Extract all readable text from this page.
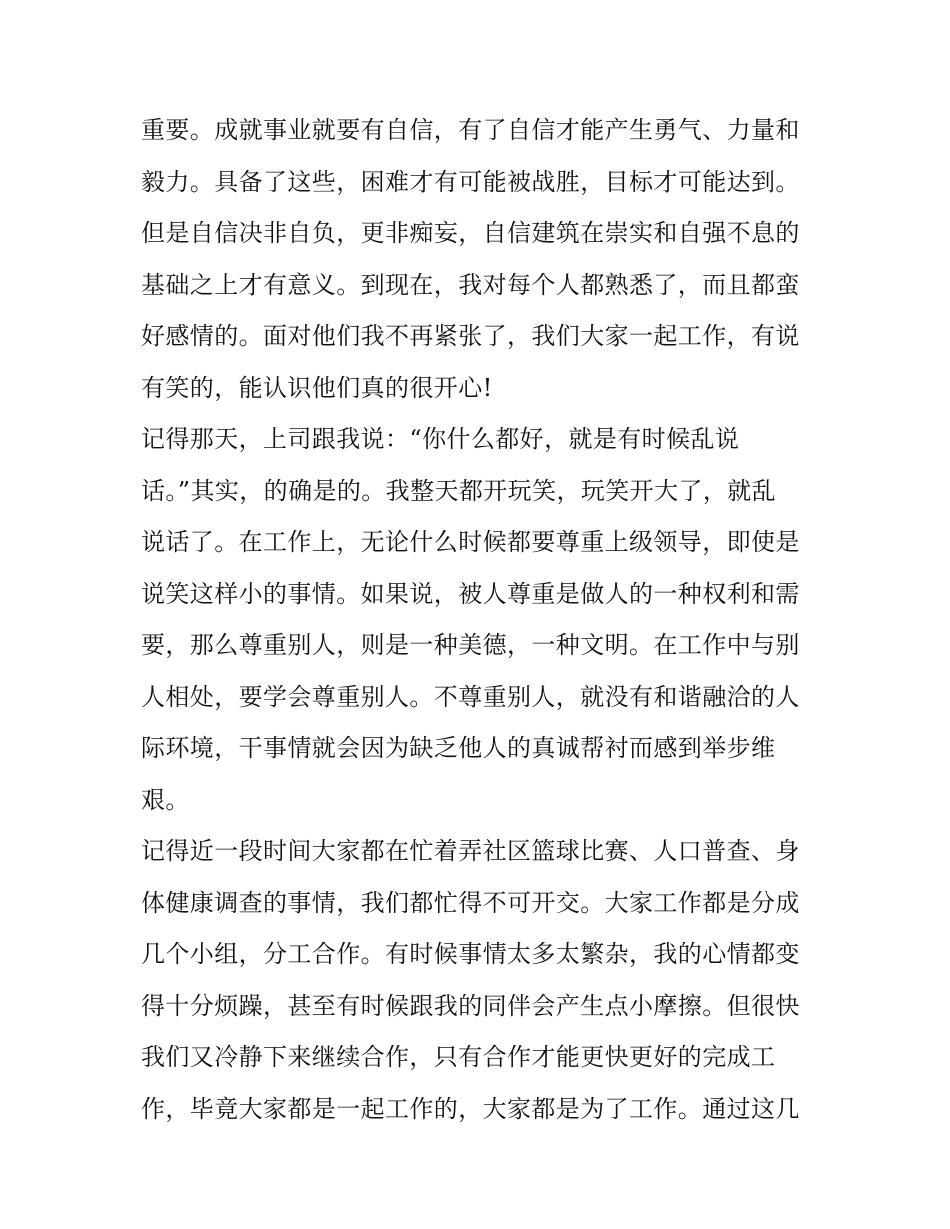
重要。成就事业就要有自信，有了自信才能产生勇气、力量和
毅力。具备了这些，困难才有可能被战胜，目标才可能达到。
但是自信决非自负，更非痴妄，自信建筑在崇实和自强不息的
基础之上才有意义。到现在，我对每个人都熟悉了，而且都蛮
好感情的。面对他们我不再紧张了，我们大家一起工作，有说
有笑的，能认识他们真的很开心!
记得那天，上司跟我说：“你什么都好，就是有时候乱说
话。”其实，的确是的。我整天都开玩笑，玩笑开大了，就乱
说话了。在工作上，无论什么时候都要尊重上级领导，即使是
说笑这样小的事情。如果说，被人尊重是做人的一种权利和需
要，那么尊重别人，则是一种美德，一种文明。在工作中与别
人相处，要学会尊重别人。不尊重别人，就没有和谐融洽的人
际环境，干事情就会因为缺乏他人的真诚帮衬而感到举步维
艰。
记得近一段时间大家都在忙着弄社区篮球比赛、人口普查、身
体健康调查的事情，我们都忙得不可开交。大家工作都是分成
几个小组，分工合作。有时候事情太多太繁杂，我的心情都变
得十分烦躁，甚至有时候跟我的同伴会产生点小摩擦。但很快
我们又冷静下来继续合作，只有合作才能更快更好的完成工
作，毕竟大家都是一起工作的，大家都是为了工作。通过这几
